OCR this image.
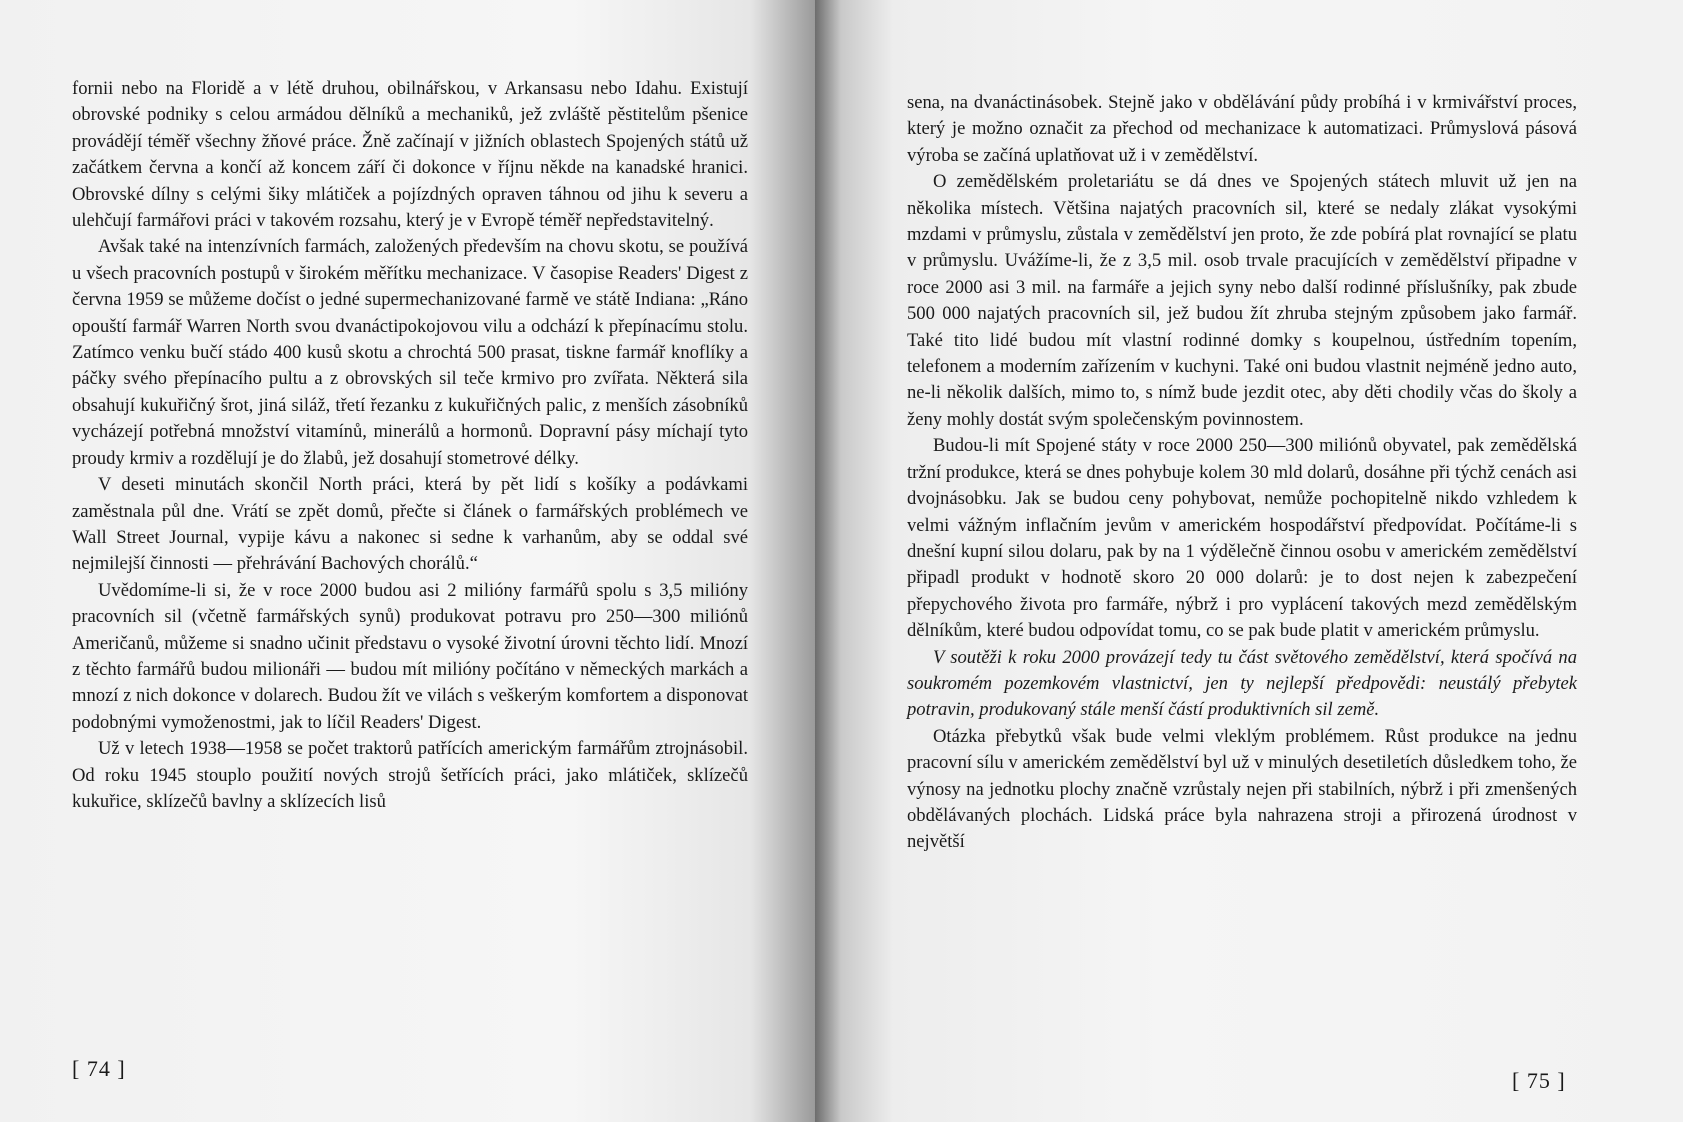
fornii nebo na Floridě a v létě druhou, obilnářskou, v Arkansasu nebo Idahu. Existují obrovské podniky s celou armádou dělníků a mechaniků, jež zvláště pěstitelům pšenice provádějí téměř všechny žňové práce. Žně začínají v jižních oblastech Spojených států už začátkem června a končí až koncem září či dokonce v říjnu někde na kanadské hranici. Obrovské dílny s celými šiky mlátiček a pojízdných opraven táhnou od jihu k severu a ulehčují farmářovi práci v takovém rozsahu, který je v Evropě téměř nepředstavitelný.

Avšak také na intenzívních farmách, založených především na chovu skotu, se používá u všech pracovních postupů v širokém měřítku mechanizace. V časopise Readers' Digest z června 1959 se můžeme dočíst o jedné supermechanizované farmě ve státě Indiana: „Ráno opouští farmář Warren North svou dvanáctipokojovou vilu a odchází k přepínacímu stolu. Zatímco venku bučí stádo 400 kusů skotu a chrochtá 500 prasat, tiskne farmář knoflíky a páčky svého přepínacího pultu a z obrovských sil teče krmivo pro zvířata. Některá sila obsahují kukuřičný šrot, jiná siláž, třetí řezanku z kukuřičných palic, z menších zásobníků vycházejí potřebná množství vitamínů, minerálů a hormonů. Dopravní pásy míchají tyto proudy krmiv a rozdělují je do žlabů, jež dosahují stometrové délky.

V deseti minutách skončil North práci, která by pět lidí s košíky a podávkami zaměstnala půl dne. Vrátí se zpět domů, přečte si článek o farmářských problémech ve Wall Street Journal, vypije kávu a nakonec si sedne k varhanům, aby se oddal své nejmilejší činnosti — přehrávání Bachových chorálů.“

Uvědomíme-li si, že v roce 2000 budou asi 2 milióny farmářů spolu s 3,5 milióny pracovních sil (včetně farmářských synů) produkovat potravu pro 250—300 miliónů Američanů, můžeme si snadno učinit představu o vysoké životní úrovni těchto lidí. Mnozí z těchto farmářů budou milionáři — budou mít milióny počítáno v německých markách a mnozí z nich dokonce v dolarech. Budou žít ve vilách s veškerým komfortem a disponovat podobnými vymoženostmi, jak to líčil Readers' Digest.

Už v letech 1938—1958 se počet traktorů patřících americkým farmářům ztrojnásobil. Od roku 1945 stouplo použití nových strojů šetřících práci, jako mlátiček, sklízečů kukuřice, sklízečů bavlny a sklízecích lisů

[ 74 ]

sena, na dvanáctinásobek. Stejně jako v obdělávání půdy probíhá i v krmivářství proces, který je možno označit za přechod od mechanizace k automatizaci. Průmyslová pásová výroba se začíná uplatňovat už i v zemědělství.

O zemědělském proletariátu se dá dnes ve Spojených státech mluvit už jen na několika místech. Většina najatých pracovních sil, které se nedaly zlákat vysokými mzdami v průmyslu, zůstala v zemědělství jen proto, že zde pobírá plat rovnající se platu v průmyslu. Uvážíme-li, že z 3,5 mil. osob trvale pracujících v zemědělství připadne v roce 2000 asi 3 mil. na farmáře a jejich syny nebo další rodinné příslušníky, pak zbude 500 000 najatých pracovních sil, jež budou žít zhruba stejným způsobem jako farmář. Také tito lidé budou mít vlastní rodinné domky s koupelnou, ústředním topením, telefonem a moderním zařízením v kuchyni. Také oni budou vlastnit nejméně jedno auto, ne-li několik dalších, mimo to, s nímž bude jezdit otec, aby děti chodily včas do školy a ženy mohly dostát svým společenským povinnostem.

Budou-li mít Spojené státy v roce 2000 250—300 miliónů obyvatel, pak zemědělská tržní produkce, která se dnes pohybuje kolem 30 mld dolarů, dosáhne při týchž cenách asi dvojnásobku. Jak se budou ceny pohybovat, nemůže pochopitelně nikdo vzhledem k velmi vážným inflačním jevům v americkém hospodářství předpovídat. Počítáme-li s dnešní kupní silou dolaru, pak by na 1 výdělečně činnou osobu v americkém zemědělství připadl produkt v hodnotě skoro 20 000 dolarů: je to dost nejen k zabezpečení přepychového života pro farmáře, nýbrž i pro vyplácení takových mezd zemědělským dělníkům, které budou odpovídat tomu, co se pak bude platit v americkém průmyslu.

V soutěži k roku 2000 provázejí tedy tu část světového zemědělství, která spočívá na soukromém pozemkovém vlastnictví, jen ty nejlepší předpovědi: neustálý přebytek potravin, produkovaný stále menší částí produktivních sil země.

Otázka přebytků však bude velmi vleklým problémem. Růst produkce na jednu pracovní sílu v americkém zemědělství byl už v minulých desetiletích důsledkem toho, že výnosy na jednotku plochy značně vzrůstaly nejen při stabilních, nýbrž i při zmenšených obdělávaných plochách. Lidská práce byla nahrazena stroji a přirozená úrodnost v největší

[ 75 ]
